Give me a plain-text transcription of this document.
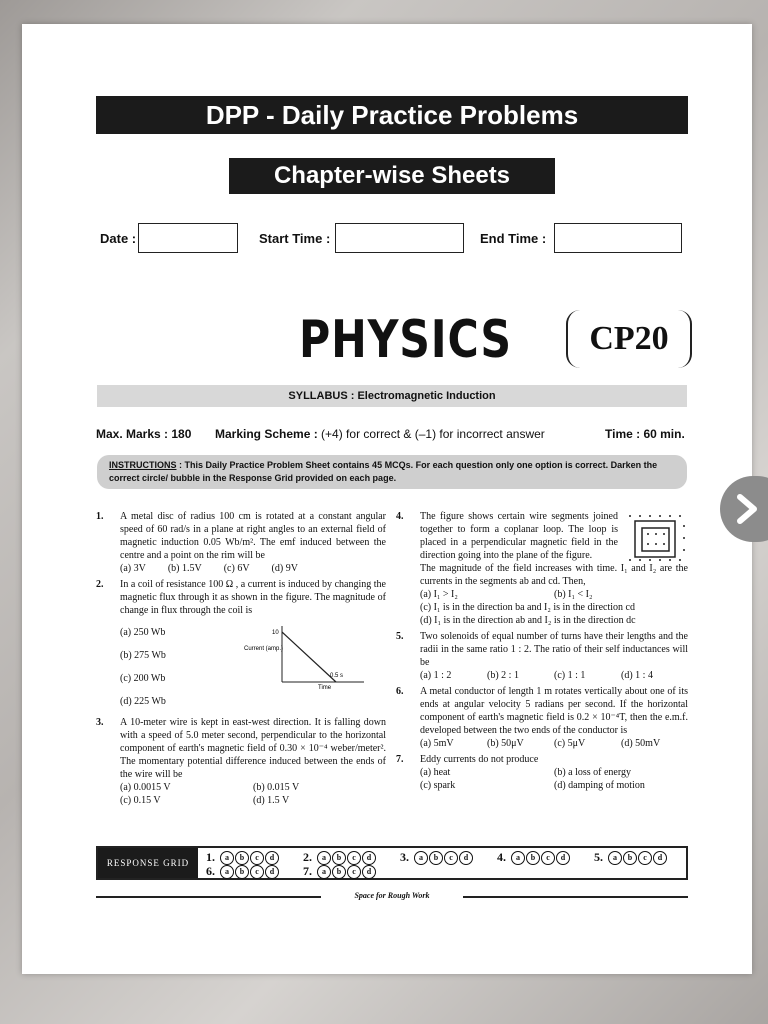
DPP - Daily Practice Problems
Chapter-wise Sheets
Date :	Start Time :	End Time :
PHYSICS	CP20
SYLLABUS : Electromagnetic Induction
Max. Marks : 180 Marking Scheme : (+4) for correct & (–1) for incorrect answer	Time : 60 min.
INSTRUCTIONS : This Daily Practice Problem Sheet contains 45 MCQs. For each question only one option is correct. Darken the correct circle/ bubble in the Response Grid provided on each page.
1. A metal disc of radius 100 cm is rotated at a constant angular speed of 60 rad/s in a plane at right angles to an external field of magnetic induction 0.05 Wb/m². The emf induced between the centre and a point on the rim will be
(a) 3V (b) 1.5V (c) 6V (d) 9V
2. In a coil of resistance 100 Ω , a current is induced by changing the magnetic flux through it as shown in the figure. The magnitude of change in flux through the coil is
(a) 250 Wb
(b) 275 Wb
(c) 200 Wb
(d) 225 Wb
Current (amp.)
10
0.5 s
Time
3. A 10-meter wire is kept in east-west direction. It is falling down with a speed of 5.0 meter second, perpendicular to the horizontal component of earth's magnetic field of 0.30 × 10⁻⁴ weber/meter². The momentary potential difference induced between the ends of the wire will be
(a) 0.0015 V	(b) 0.015 V
(c) 0.15 V	(d) 1.5 V
4. The figure shows certain wire segments joined together to form a coplanar loop. The loop is placed in a perpendicular magnetic field in the direction going into the plane of the figure.
The magnitude of the field increases with time. I₁ and I₂ are the currents in the segments ab and cd. Then,
(a) I₁ > I₂	(b) I₁ < I₂
(c) I₁ is in the direction ba and I₂ is in the direction cd
(d) I₁ is in the direction ab and I₂ is in the direction dc
5. Two solenoids of equal number of turns have their lengths and the radii in the same ratio 1 : 2. The ratio of their self inductances will be
(a) 1 : 2	(b) 2 : 1	(c) 1 : 1	(d) 1 : 4
6. A metal conductor of length 1 m rotates vertically about one of its ends at angular velocity 5 radians per second. If the horizontal component of earth's magnetic field is 0.2 × 10⁻⁴T, then the e.m.f. developed between the two ends of the conductor is
(a) 5mV	(b) 50μV	(c) 5μV	(d) 50mV
7. Eddy currents do not produce
(a) heat	(b) a loss of energy
(c) spark	(d) damping of motion
RESPONSE GRID	1.	a	b	c	d	2.	a	b	c	d	3.	a	b	c	d	4.	a	b	c	d	5.	a	b	c	d
6.	a	b	c	d	7.	a	b	c	d
Space for Rough Work
